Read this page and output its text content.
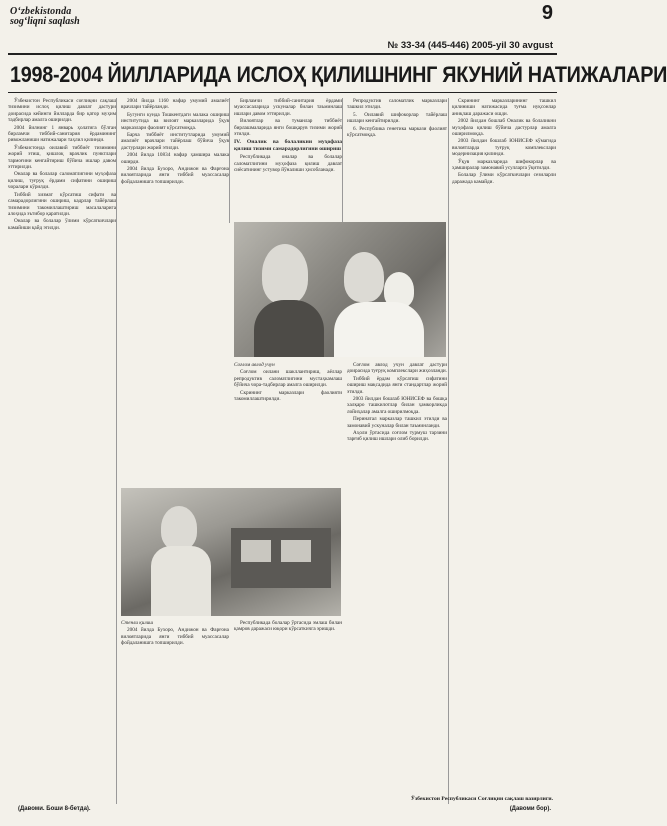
O‘zbekistonda
sog‘liqni saqlash	9
№ 33-34 (445-446) 2005-yil 30 avgust
1998-2004 ЙИЛЛАРИДА ИСЛОҲ ҚИЛИШНИНГ ЯКУНИЙ НАТИЖАЛАРИ

Ўзбекистон Республикаси соғлиқни сақлаш тизимини ислоҳ қилиш давлат дастури доирасида кейинги йилларда бир қатор муҳим тадбирлар амалга оширилди.

2004 йилнинг 1 январь ҳолатига бўлган бирламчи тиббий-санитария ёрдамининг ривожланиши натижалари таҳлил қилинди.

Ўзбекистонда оилавий тиббиёт тизимини жорий этиш, қишлоқ врачлик пунктлари тармоғини кенгайтириш бўйича ишлар давом эттирилди.

Оналар ва болалар саломатлигини муҳофаза қилиш, туғруқ ёрдами сифатини ошириш чоралари кўрилди.

Тиббий хизмат кўрсатиш сифати ва самарадорлигини ошириш, кадрлар тайёрлаш тизимини такомиллаштириш масалаларига алоҳида эътибор қаратилди.

Оналар ва болалар ўлими кўрсаткичлари камайиши қайд этилди.

2004 йилда 1160 нафар умумий амалиёт врачлари тайёрланди.

Бугунги кунда Тошкентдаги малака ошириш институтида ва вилоят марказларида ўқув марказлари фаолият кўрсатмоқда.

Барча тиббиёт институтларида умумий амалиёт врачлари тайёрлаш бўйича ўқув дастурлари жорий этилди.

2004 йилда 10834 нафар ҳамшира малака оширди.

2004 йилда Бухоро, Андижон ва Фарғона вилоятларида янги тиббий муассасалар фойдаланишга топширилди.

Бирламчи тиббий-санитария ёрдами муассасаларида ускуналар билан таъминлаш ишлари давом эттирилди.

Вилоятлар ва туманлар тиббиёт бирлашмаларида янги бошқарув тизими жорий этилди.

IV. Оналик ва болаликни муҳофаза қилиш тизими самарадорлигини ошириш

Республикада оналар ва болалар саломатлигини муҳофаза қилиш давлат сиёсатининг устувор йўналиши ҳисобланади.

Репродуктив саломатлик марказлари ташкил этилди.

5. Оилавий шифокорлар тайёрлаш ишлари кенгайтирилди.

6. Республика генетика маркази фаолият кўрсатмоқда.

Соғлом авлод учун

Соғлом оилани шакллантириш, аёллар репродуктив саломатлигини мустаҳкамлаш бўйича чора-тадбирлар амалга оширилди.

Скрининг марказлари фаолияти такомиллаштирилди.

Соғлом авлод учун давлат дастури доирасида туғруқ комплекслари жиҳозланди.

Тиббий ёрдам кўрсатиш сифатини ошириш мақсадида янги стандартлар жорий этилди.

2003 йилдан бошлаб ЮНИСЕФ ва бошқа халқаро ташкилотлар билан ҳамкорликда лойиҳалар амалга оширилмоқда.

Перинатал марказлар ташкил этилди ва замонавий ускуналар билан таъминланди.

Аҳоли ўртасида соғлом турмуш тарзини тарғиб қилиш ишлари олиб борилди.

Стенли қилиш

2004 йилда Бухоро, Андижон ва Фарғона вилоятларида янги тиббий муассасалар фойдаланишга топширилди.

Республикада болалар ўртасида эмлаш билан қамров даражаси юқори кўрсаткичга эришди.

Скрининг марказларининг ташкил қилиниши натижасида туғма нуқсонлар аниқлаш даражаси ошди.

2002 йилдан бошлаб Оналик ва болаликни муҳофаза қилиш бўйича дастурлар амалга оширилмоқда.

2003 йилдан бошлаб ЮНИСЕФ кўмагида вилоятларда туғруқ комплекслари модернизация қилинди.

Ўқув марказларида шифокорлар ва ҳамширалар замонавий усулларга ўқитилди.

Болалар ўлими кўрсаткичлари сезиларли даражада камайди.

Ўзбекистон Республикаси Соғлиқни сақлаш вазирлиги.
(Давоми. Боши 8-бетда).	(Давоми бор).
